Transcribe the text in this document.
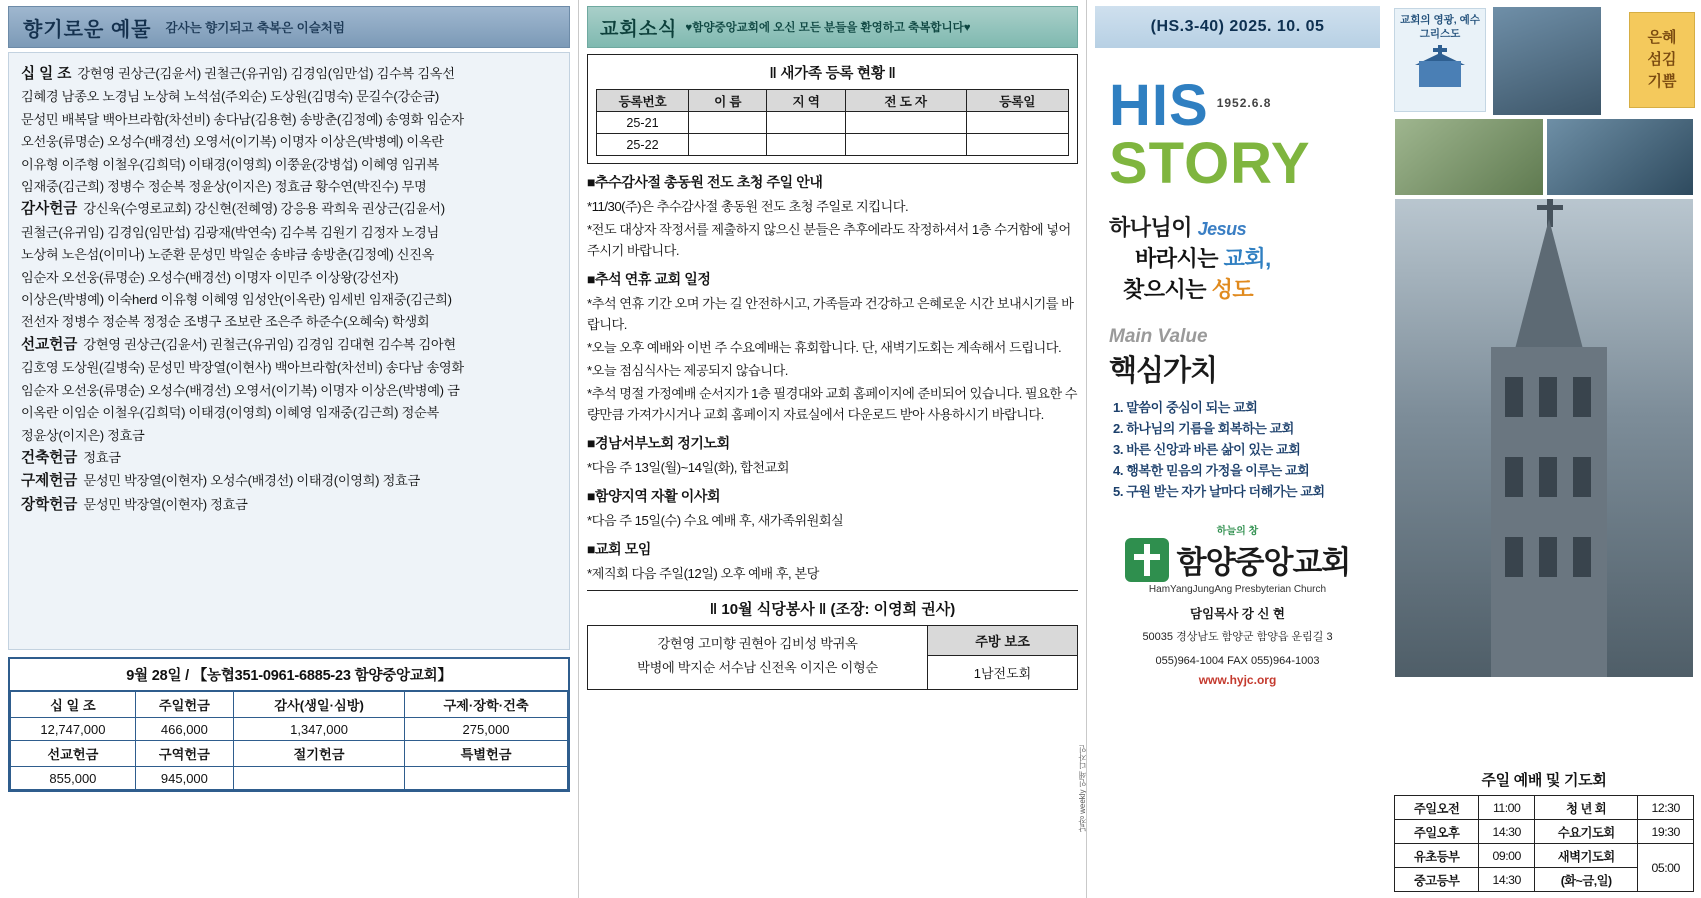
향기로운 예물 감사는 향기되고 축복은 이슬처럼
십 일 조 강현영 권상근(김윤서) 권철근(유귀임) 김경임(임만섭) 김수복 김옥선
김혜경 남종오 노경님 노상혀 노석섬(주외순) 도상원(김명숙) 문길수(강순금)
문성민 배복달 백아브라함(차선비) 송다남(김용현) 송방춘(김정예) 송영화 임순자
오선웅(류명순) 오성수(배경선) 오영서(이기복) 이명자 이상은(박병예) 이옥란
이유형 이주형 이철우(김희덕) 이태경(이영희) 이쭝윤(강병섭) 이혜영 임귀복
임재중(김근희) 정병수 정순복 정윤상(이지은) 정효금 황수연(박진수) 무명
감사헌금 강신욱(수영로교회) 강신현(전혜영) 강응용 곽희욱 권상근(김윤서)
권철근(유귀임) 김경임(임만섭) 김광재(박연숙) 김수복 김원기 김정자 노경님
노상혀 노은섬(이미나) 노준환 문성민 박일순 송뱌금 송방춘(김정예) 신진옥
임순자 오선웅(류명순) 오성수(배경선) 이명자 이민주 이상왕(강선자)
이상은(박병예) 이숙herd 이유형 이혜영 임성안(이옥란) 임세빈 임재중(김근희)
전선자 정병수 정순복 정정순 조병구 조보란 조은주 하준수(오혜숙) 학생회
선교헌금 강현영 권상근(김윤서) 권철근(유귀임) 김경임 김대현 김수복 김아현
김호영 도상원(길병숙) 문성민 박장열(이현사) 백아브라함(차선비) 송다남 송영화
임순자 오선웅(류명순) 오성수(배경선) 오영서(이기복) 이명자 이상은(박병예) 금
이옥란 이임순 이철우(김희덕) 이태경(이영희) 이혜영 임재중(김근희) 정순복
정윤상(이지은) 정효금
건축헌금 정효금
구제헌금 문성민 박장열(이현자) 오성수(배경선) 이태경(이영희) 정효금
장학헌금 문성민 박장열(이현자) 정효금
9월 28일 / 【농협351-0961-6885-23 함양중앙교회】
십 일 조	주일헌금	감사(생일·심방)	구제·장학·건축
12,747,000	466,000	1,347,000	275,000
선교헌금	구역헌금	절기헌금	특별헌금
855,000	945,000		
교회소식 ♥함양중앙교회에 오신 모든 분들을 환영하고 축복합니다♥
‖ 새가족 등록 현황 ‖
등록번호	이 름	지 역	전 도 자	등록일
25-21				
25-22				
■추수감사절 총동원 전도 초청 주일 안내
*11/30(주)은 추수감사절 총동원 전도 초청 주일로 지킵니다.
*전도 대상자 작정서를 제출하지 않으신 분들은 추후에라도 작정하셔서 1층 수거함에 넣어주시기 바랍니다.
■추석 연휴 교회 일정
*추석 연휴 기간 오며 가는 길 안전하시고, 가족들과 건강하고 은혜로운 시간 보내시기를 바랍니다.
*오늘 오후 예배와 이번 주 수요예배는 휴회합니다. 단, 새벽기도회는 계속해서 드립니다.
*오늘 점심식사는 제공되지 않습니다.
*추석 명절 가정예배 순서지가 1층 필경대와 교회 홈페이지에 준비되어 있습니다. 필요한 수량만큼 가져가시거나 교회 홈페이지 자료실에서 다운로드 받아 사용하시기 바랍니다.
■경남서부노회 정기노회
*다음 주 13일(월)~14일(화), 합천교회
■함양지역 자활 이사회
*다음 주 15일(수) 수요 예배 후, 새가족위원회실
■교회 모임
*제직회 다음 주일(12일) 오후 예배 후, 본당
‖ 10월 식당봉사 ‖ (조장: 이영희 권사)
강현영 고미향 권현아 김비성 박귀옥
박병에 박지순 서수남 신전옥 이지은 이형순
주방 보조
1남전도회
낱장 weekly 인쇄 디자인
(HS.3-40) 2025. 10. 05
HIS 1952.6.8
STORY
하나님이 Jesus
바라시는 교회,
찾으시는 성도
Main Value
핵심가치
1. 말씀이 중심이 되는 교회
2. 하나님의 기름을 회복하는 교회
3. 바른 신앙과 바른 삶이 있는 교회
4. 행복한 믿음의 가정을 이루는 교회
5. 구원 받는 자가 날마다 더해가는 교회
하늘의 창
함양중앙교회
HamYangJungAng Presbyterian Church
담임목사 강 신 현
50035 경상남도 함양군 함양읍 운림길 3
055)964-1004 FAX 055)964-1003
www.hyjc.org
교회의 영광, 예수 그리스도	은혜
섬김
기쁨
주일 예배 및 기도회
주일오전	11:00	청 년 회	12:30
주일오후	14:30	수요기도회	19:30
유초등부	09:00	새벽기도회	05:00
중고등부	14:30	(화~금,일)	
